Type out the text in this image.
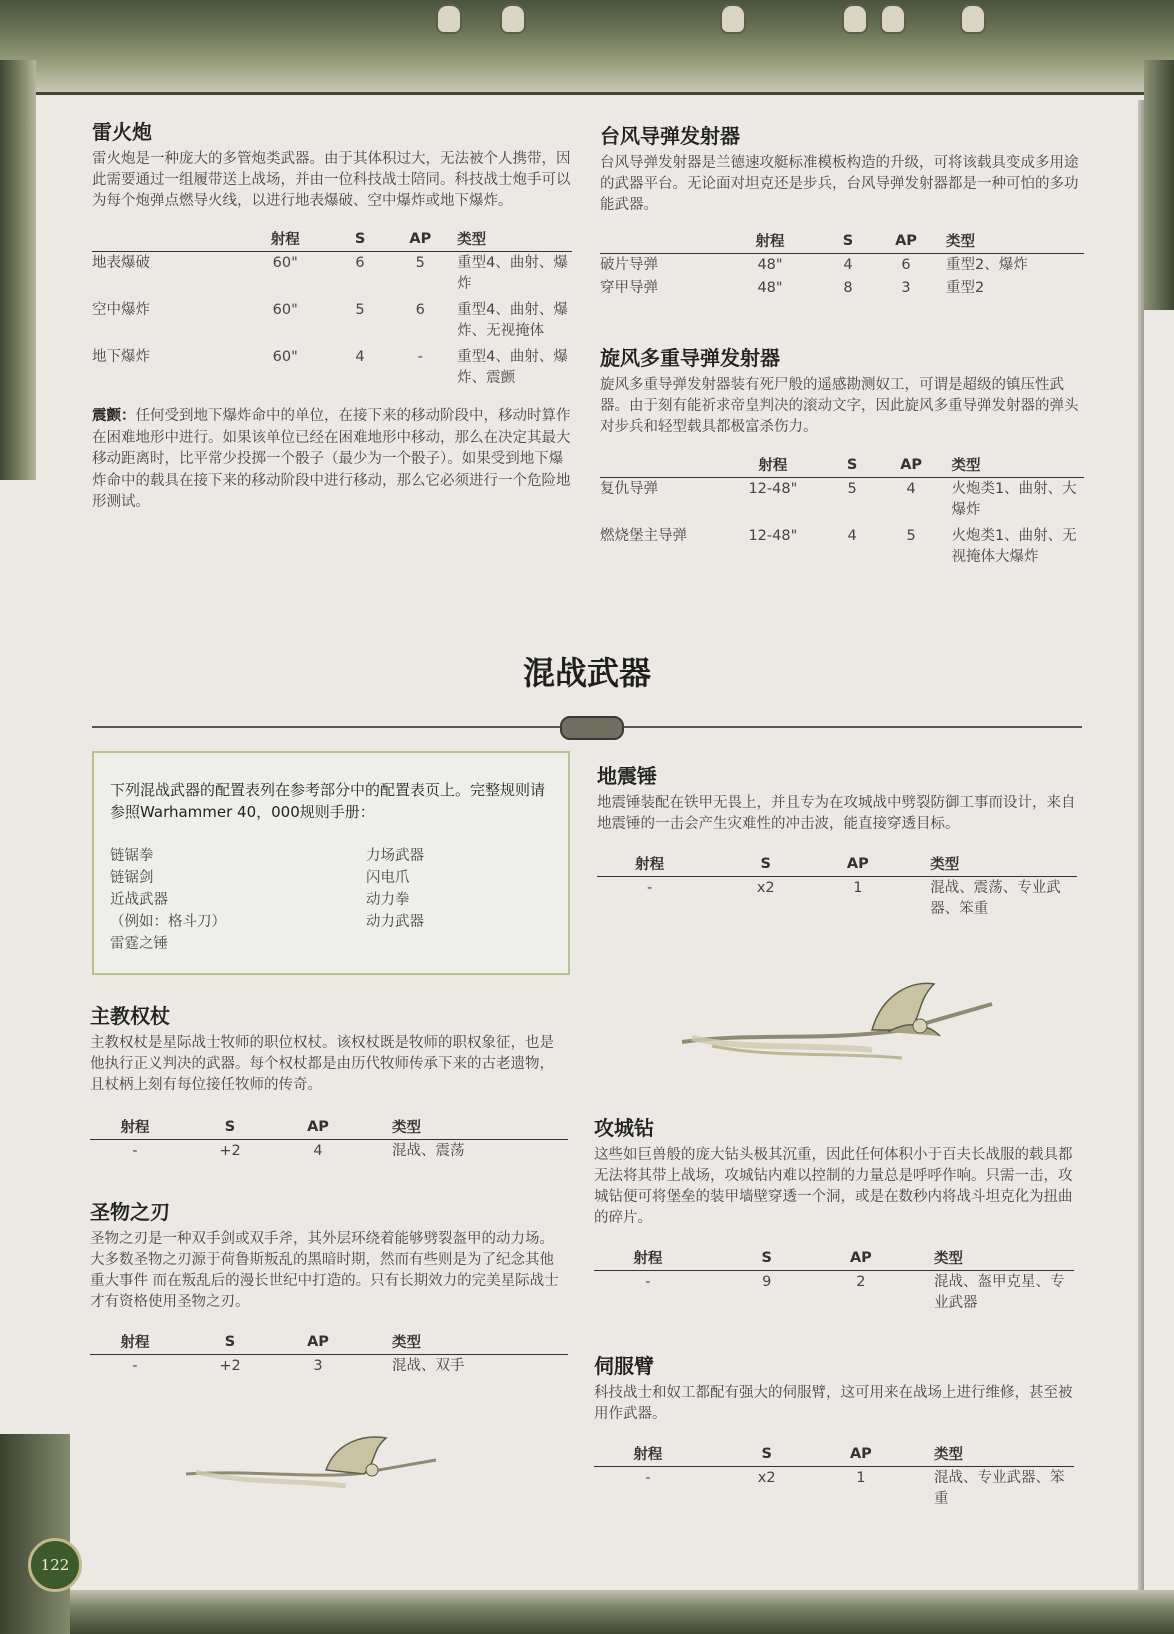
122
雷火炮

雷火炮是一种庞大的多管炮类武器。由于其体积过大，无法被个人携带，因此需要通过一组履带送上战场，并由一位科技战士陪同。科技战士炮手可以为每个炮弹点燃导火线，以进行地表爆破、空中爆炸或地下爆炸。

	射程	S	AP	类型
地表爆破	60"	6	5	重型4、曲射、爆炸
空中爆炸	60"	5	6	重型4、曲射、爆炸、无视掩体
地下爆炸	60"	4	-	重型4、曲射、爆炸、震颤

震颤：任何受到地下爆炸命中的单位，在接下来的移动阶段中，移动时算作在困难地形中进行。如果该单位已经在困难地形中移动，那么在决定其最大移动距离时，比平常少投掷一个骰子（最少为一个骰子）。如果受到地下爆炸命中的载具在接下来的移动阶段中进行移动，那么它必须进行一个危险地形测试。

台风导弹发射器

台风导弹发射器是兰德速攻艇标准模板构造的升级，可将该载具变成多用途的武器平台。无论面对坦克还是步兵，台风导弹发射器都是一种可怕的多功能武器。

	射程	S	AP	类型
破片导弹	48"	4	6	重型2、爆炸
穿甲导弹	48"	8	3	重型2
旋风多重导弹发射器

旋风多重导弹发射器装有死尸般的遥感勘测奴工，可谓是超级的镇压性武器。由于刻有能祈求帝皇判决的滚动文字，因此旋风多重导弹发射器的弹头对步兵和轻型载具都极富杀伤力。

	射程	S	AP	类型
复仇导弹	12-48"	5	4	火炮类1、曲射、大爆炸
燃烧堡主导弹	12-48"	4	5	火炮类1、曲射、无视掩体大爆炸
混战武器

下列混战武器的配置表列在参考部分中的配置表页上。完整规则请参照Warhammer 40，000规则手册：

链锯拳
链锯剑
近战武器
（例如：格斗刀）
雷霆之锤
力场武器
闪电爪
动力拳
动力武器
主教权杖

主教权杖是星际战士牧师的职位权杖。该权杖既是牧师的职权象征，也是他执行正义判决的武器。每个权杖都是由历代牧师传承下来的古老遗物，且杖柄上刻有每位接任牧师的传奇。

射程	S	AP	类型
-	+2	4	混战、震荡
圣物之刃

圣物之刃是一种双手剑或双手斧，其外层环绕着能够劈裂盔甲的动力场。大多数圣物之刃源于荷鲁斯叛乱的黑暗时期，然而有些则是为了纪念其他重大事件 而在叛乱后的漫长世纪中打造的。只有长期效力的完美星际战士才有资格使用圣物之刃。

射程	S	AP	类型
-	+2	3	混战、双手
地震锤

地震锤装配在铁甲无畏上，并且专为在攻城战中劈裂防御工事而设计，来自地震锤的一击会产生灾难性的冲击波，能直接穿透目标。

射程	S	AP	类型
-	x2	1	混战、震荡、专业武器、笨重
攻城钻

这些如巨兽般的庞大钻头极其沉重，因此任何体积小于百夫长战服的载具都无法将其带上战场，攻城钻内难以控制的力量总是呼呼作响。只需一击，攻城钻便可将堡垒的装甲墙壁穿透一个洞，或是在数秒内将战斗坦克化为扭曲的碎片。

射程	S	AP	类型
-	9	2	混战、盔甲克星、专业武器
伺服臂

科技战士和奴工都配有强大的伺服臂，这可用来在战场上进行维修，甚至被用作武器。

射程	S	AP	类型
-	x2	1	混战、专业武器、笨重
